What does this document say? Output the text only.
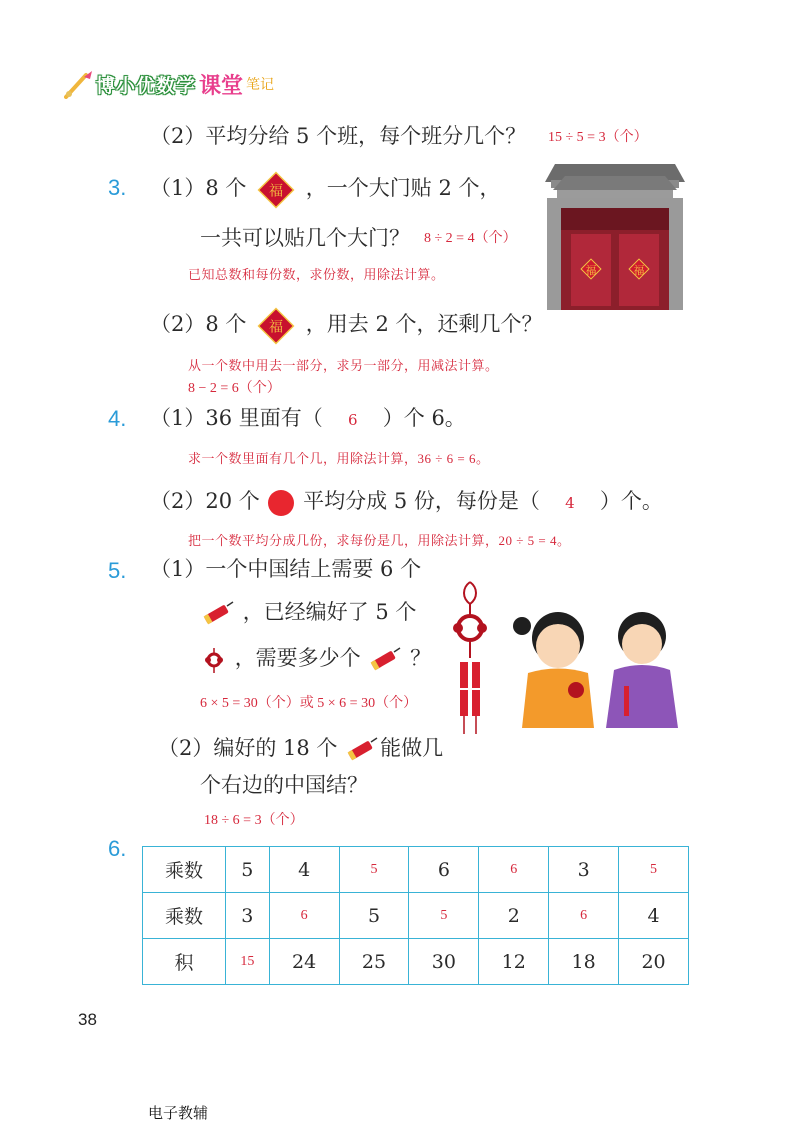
博小优数学 课堂 笔记
（2）平均分给 5 个班，每个班分几个？ 15 ÷ 5 = 3（个）
3. （1）8 个 福 ，一个大门贴 2 个，
一共可以贴几个大门？ 8 ÷ 2 = 4（个）
已知总数和每份数，求份数，用除法计算。	福	福
（2）8 个 福 ，用去 2 个，还剩几个？
从一个数中用去一部分，求另一部分，用减法计算。
8 − 2 = 6（个）
4. （1）36 里面有（ 6 ）个 6。
求一个数里面有几个几，用除法计算，36 ÷ 6 = 6。
（2）20 个 平均分成 5 份，每份是（ 4 ）个。
把一个数平均分成几份，求每份是几，用除法计算，20 ÷ 5 = 4。
5. （1）一个中国结上需要 6 个
，已经编好了 5 个
，需要多少个 ？
6 × 5 = 30（个）或 5 × 6 = 30（个）
（2）编好的 18 个 能做几
个右边的中国结？
18 ÷ 6 = 3（个）
6.
乘数	5	4	5	6	6	3	5
乘数	3	6	5	5	2	6	4
积	15	24	25	30	12	18	20
38
电子教辅
